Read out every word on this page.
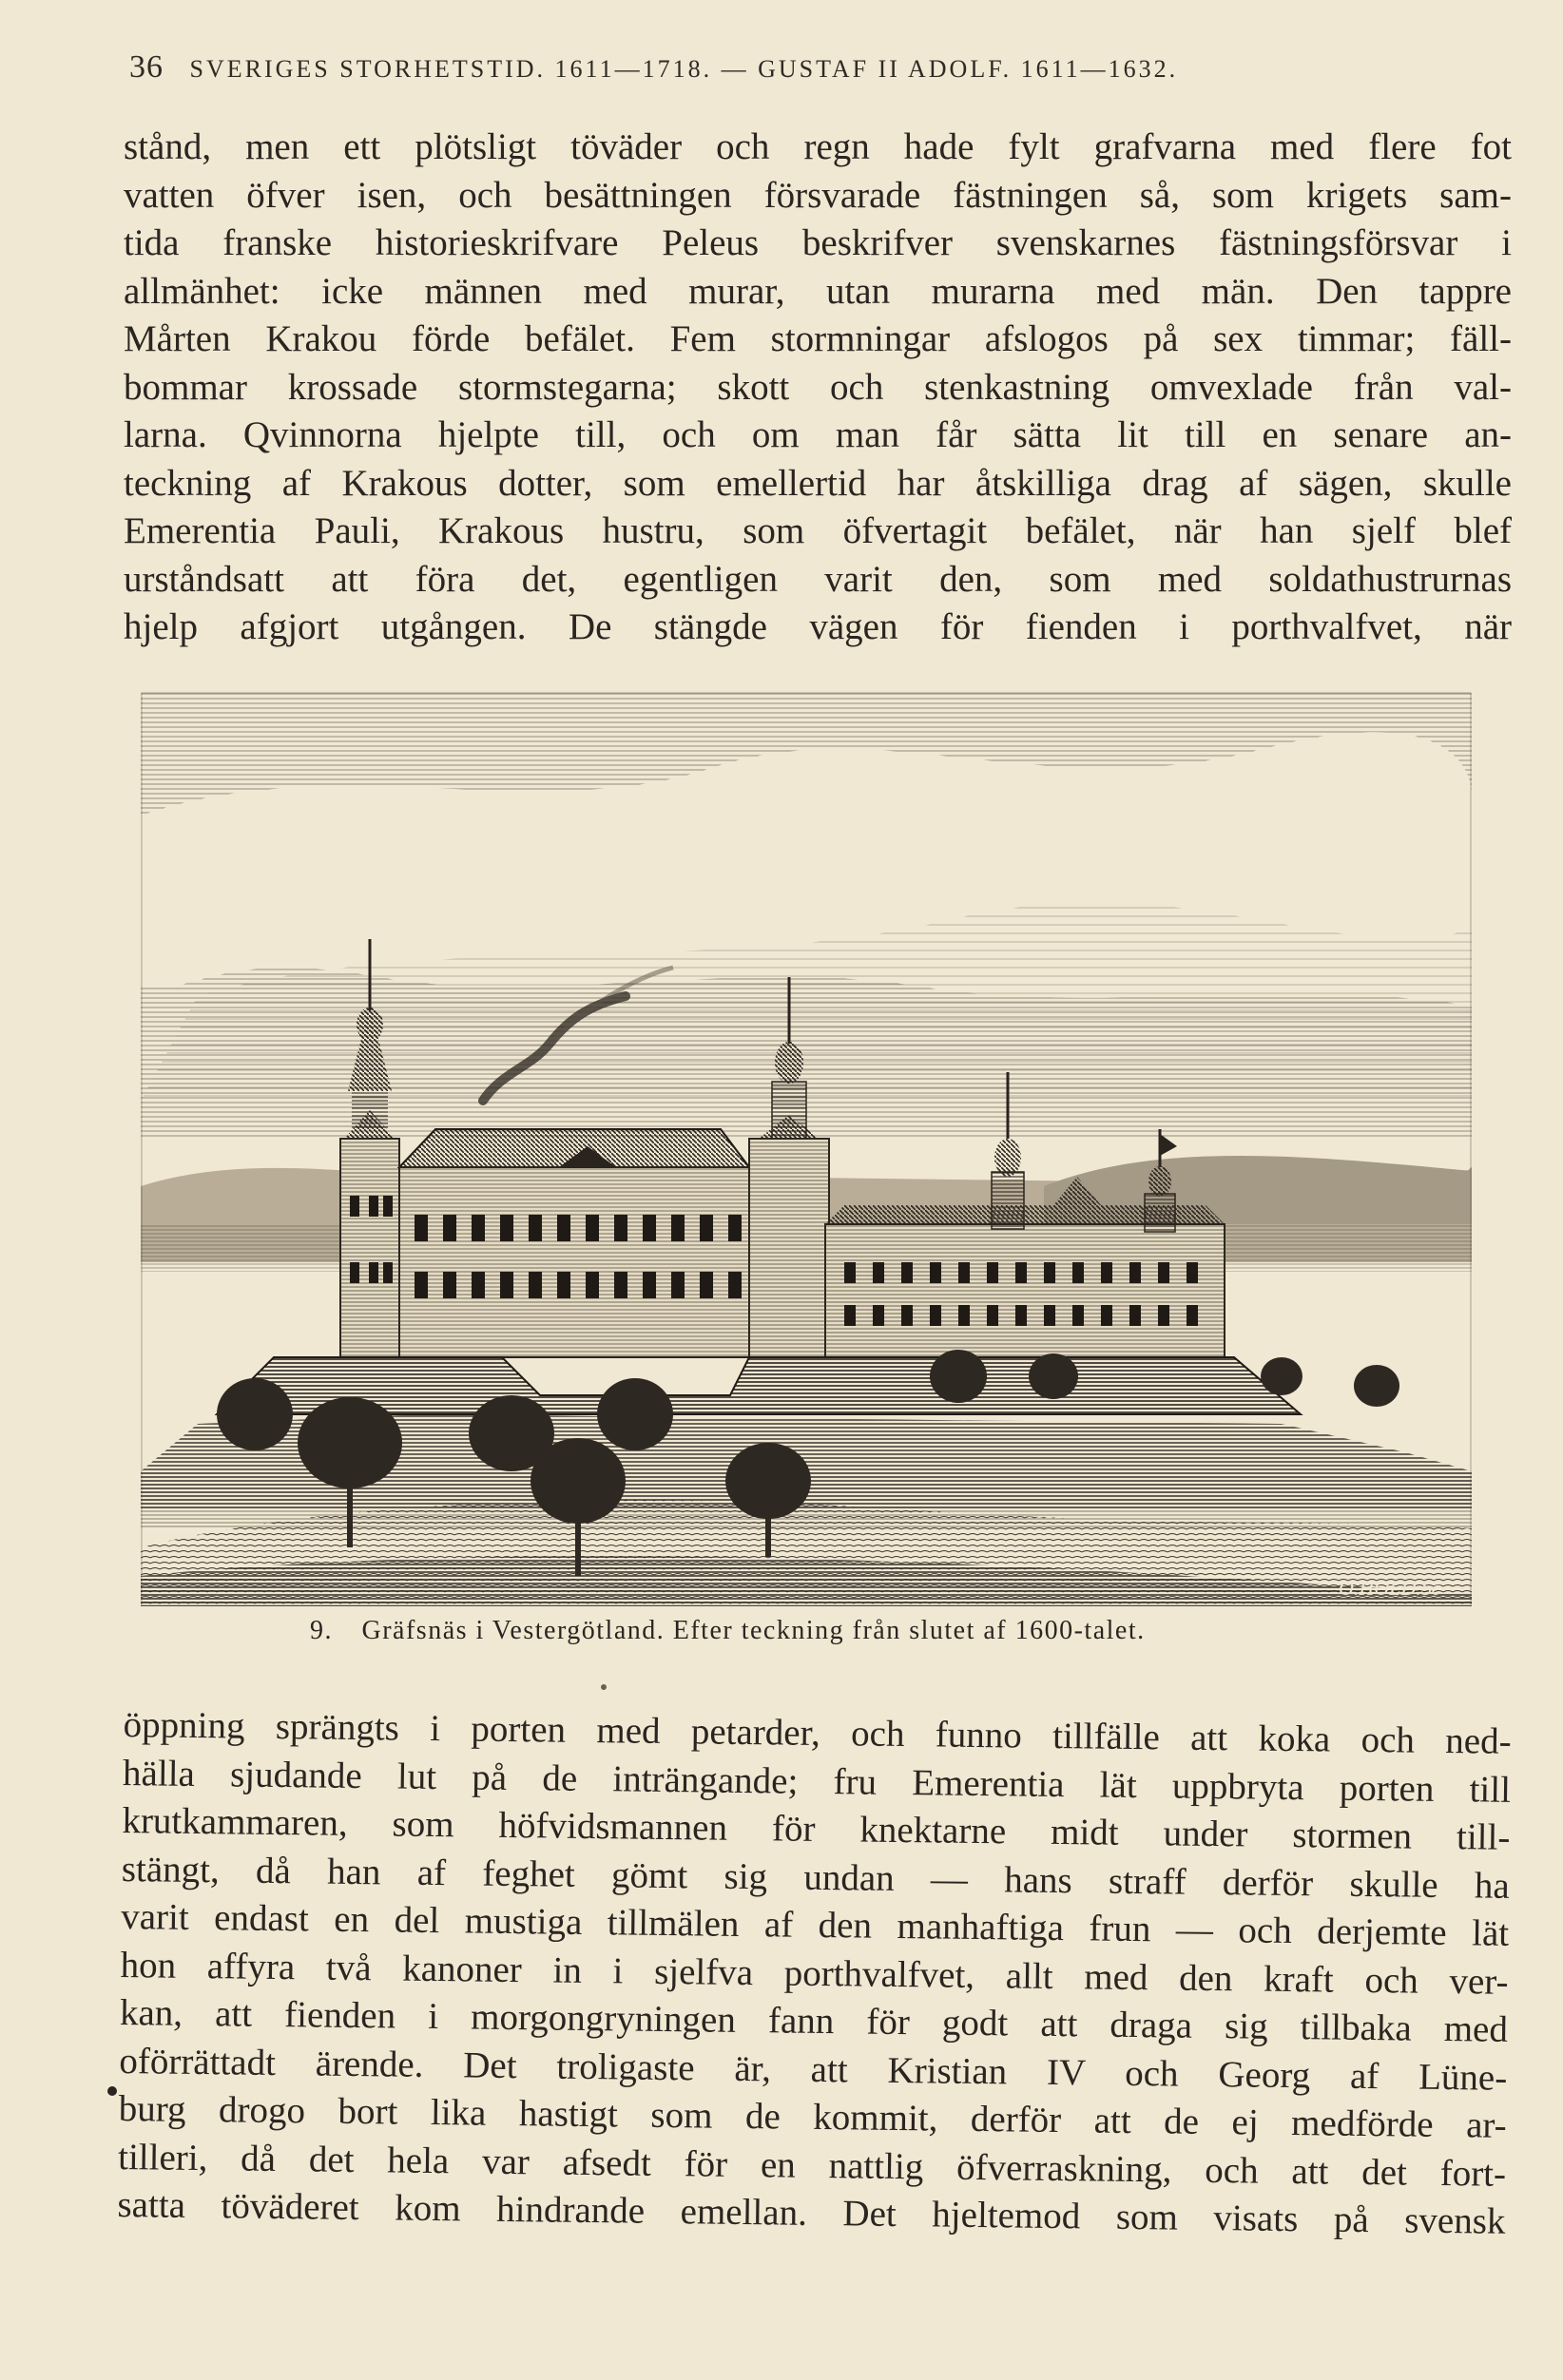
36 SVERIGES STORHETSTID. 1611—1718. — GUSTAF II ADOLF. 1611—1632.
stånd, men ett plötsligt töväder och regn hade fylt grafvarna med flere fot
vatten öfver isen, och besättningen försvarade fästningen så, som krigets sam-
tida franske historieskrifvare Peleus beskrifver svenskarnes fästningsförsvar i
allmänhet: icke männen med murar, utan murarna med män. Den tappre
Mårten Krakou förde befälet. Fem stormningar afslogos på sex timmar; fäll-
bommar krossade stormstegarna; skott och stenkastning omvexlade från val-
larna. Qvinnorna hjelpte till, och om man får sätta lit till en senare an-
teckning af Krakous dotter, som emellertid har åtskilliga drag af sägen, skulle
Emerentia Pauli, Krakous hustru, som öfvertagit befälet, när han sjelf blef
urståndsatt att föra det, egentligen varit den, som med soldathustrurnas
hjelp afgjort utgången. De stängde vägen för fienden i porthvalfvet, när
O.HOLD.Sc
9. Gräfsnäs i Vestergötland. Efter teckning från slutet af 1600-talet.
öppning sprängts i porten med petarder, och funno tillfälle att koka och ned-
hälla sjudande lut på de inträngande; fru Emerentia lät uppbryta porten till
krutkammaren, som höfvidsmannen för knektarne midt under stormen till-
stängt, då han af feghet gömt sig undan — hans straff derför skulle ha
varit endast en del mustiga tillmälen af den manhaftiga frun — och derjemte lät
hon affyra två kanoner in i sjelfva porthvalfvet, allt med den kraft och ver-
kan, att fienden i morgongryningen fann för godt att draga sig tillbaka med
oförrättadt ärende. Det troligaste är, att Kristian IV och Georg af Lüne-
burg drogo bort lika hastigt som de kommit, derför att de ej medförde ar-
tilleri, då det hela var afsedt för en nattlig öfverraskning, och att det fort-
satta töväderet kom hindrande emellan. Det hjeltemod som visats på svensk
